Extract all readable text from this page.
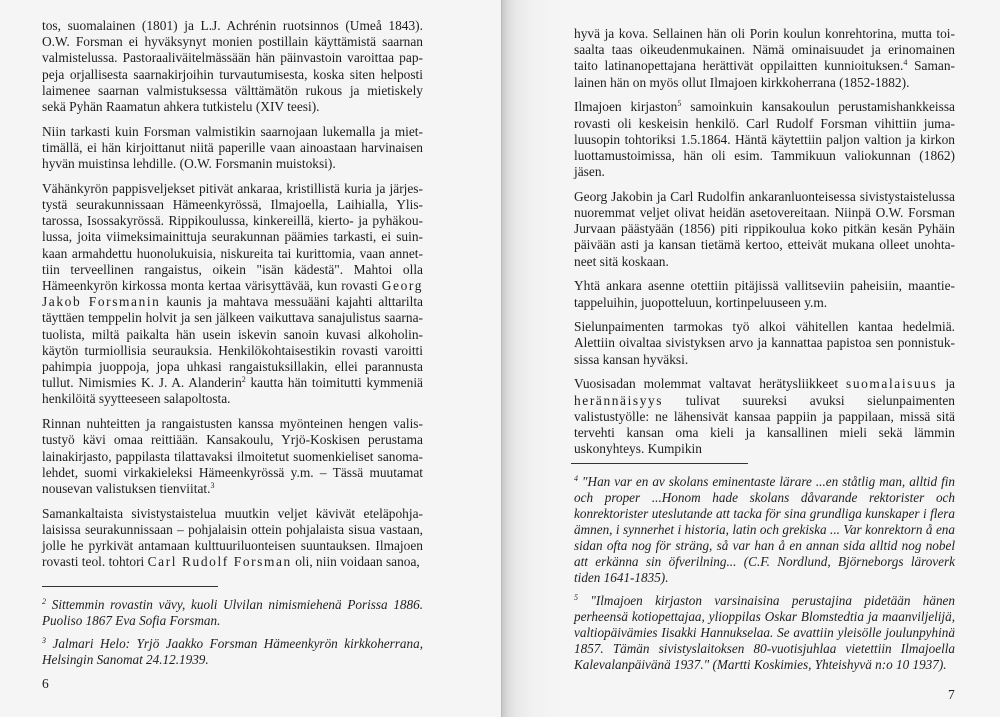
tos, suomalainen (1801) ja L.J. Achrénin ruotsinnos (Umeå 1843). O.W. Forsman ei hyväksynyt monien postillain käyttämistä saarnan valmistelussa. Pastoraaliväitelmässään hän päinvastoin varoittaa pappeja orjallisesta saarnakirjoihin turvautumisesta, koska siten helposti laimenee saarnan valmistuksessa välttämätön rukous ja mietiskely sekä Pyhän Raamatun ahkera tutkistelu (XIV teesi).

Niin tarkasti kuin Forsman valmistikin saarnojaan lukemalla ja miettimällä, ei hän kirjoittanut niitä paperille vaan ainoastaan harvinaisen hyvän muistinsa lehdille. (O.W. Forsmanin muistoksi).

Vähänkyrön pappisveljekset pitivät ankaraa, kristillistä kuria ja järjestystä seurakunnissaan Hämeenkyrössä, Ilmajoella, Laihialla, Ylistarossa, Isossakyrössä. Rippikoulussa, kinkereillä, kierto- ja pyhäkoulussa, joita viimeksimainittuja seurakunnan päämies tarkasti, ei suinkaan armahdettu huonolukuisia, niskureita tai kurittomia, vaan annettiin terveellinen rangaistus, oikein "isän kädestä". Mahtoi olla Hämeenkyrön kirkossa monta kertaa värisyttävää, kun rovasti Georg Jakob Forsmanin kaunis ja mahtava messuääni kajahti alttarilta täyttäen temppelin holvit ja sen jälkeen vaikuttava sanajulistus saarnatuolista, miltä paikalta hän usein iskevin sanoin kuvasi alkoholinkäytön turmiollisia seurauksia. Henkilökohtaisestikin rovasti varoitti pahimpia juoppoja, jopa uhkasi rangaistuksillakin, ellei parannusta tullut. Nimismies K. J. A. Alanderin$^2$ kautta hän toimitutti kymmeniä henkilöitä syytteeseen salapoltosta.

Rinnan nuhteitten ja rangaistusten kanssa myönteinen hengen valistustyö kävi omaa reittiään. Kansakoulu, Yrjö-Koskisen perustama lainakirjasto, pappilasta tilattavaksi ilmoitetut suomenkieliset sanomalehdet, suomi virkakieleksi Hämeenkyrössä y.m. – Tässä muutamat nousevan valistuksen tienviitat.$^3$

Samankaltaista sivistystaistelua muutkin veljet kävivät eteläpohjalaisissa seurakunnissaan – pohjalaisin ottein pohjalaista sisua vastaan, jolle he pyrkivät antamaan kulttuuriluonteisen suuntauksen. Ilmajoen rovasti teol. tohtori Carl Rudolf Forsman oli, niin voidaan sanoa,

$^2$ Sittemmin rovastin vävy, kuoli Ulvilan nimismiehenä Porissa 1886. Puoliso 1867 Eva Sofia Forsman.

$^3$ Jalmari Helo: Yrjö Jaakko Forsman Hämeenkyrön kirkkoherrana, Helsingin Sanomat 24.12.1939.

6

hyvä ja kova. Sellainen hän oli Porin koulun konrehtorina, mutta toisaalta taas oikeudenmukainen. Nämä ominaisuudet ja erinomainen taito latinanopettajana herättivät oppilaitten kunnioituksen.$^4$ Samanlainen hän on myös ollut Ilmajoen kirkkoherrana (1852-1882).

Ilmajoen kirjaston$^5$ samoinkuin kansakoulun perustamishankkeissa rovasti oli keskeisin henkilö. Carl Rudolf Forsman vihittiin jumaluusopin tohtoriksi 1.5.1864. Häntä käytettiin paljon valtion ja kirkon luottamustoimissa, hän oli esim. Tammikuun valiokunnan (1862) jäsen.

Georg Jakobin ja Carl Rudolfin ankaranluonteisessa sivistystaistelussa nuoremmat veljet olivat heidän asetovereitaan. Niinpä O.W. Forsman Jurvaan päästyään (1856) piti rippikoulua koko pitkän kesän Pyhäin päivään asti ja kansan tietämä kertoo, etteivät mukana olleet unohtaneet sitä koskaan.

Yhtä ankara asenne otettiin pitäjissä vallitseviin paheisiin, maantietappeluihin, juopotteluun, kortinpeluuseen y.m.

Sielunpaimenten tarmokas työ alkoi vähitellen kantaa hedelmiä. Alettiin oivaltaa sivistyksen arvo ja kannattaa papistoa sen ponnistuksissa kansan hyväksi.

Vuosisadan molemmat valtavat herätysliikkeet suomalaisuus ja herännäisyys tulivat suureksi avuksi sielunpaimenten valistustyölle: ne lähensivät kansaa pappiin ja pappilaan, missä sitä tervehti kansan oma kieli ja kansallinen mieli sekä lämmin uskonyhteys. Kumpikin

$^4$ "Han var en av skolans eminentaste lärare ...en ståtlig man, alltid fin och proper ...Honom hade skolans dåvarande rektorister och konrektorister uteslutande att tacka för sina grundliga kunskaper i flera ämnen, i synnerhet i historia, latin och grekiska ... Var konrektorn å ena sidan ofta nog för sträng, så var han å en annan sida alltid nog nobel att erkänna sin öfverilning... (C.F. Nordlund, Björneborgs läroverk tiden 1641-1835).

$^5$ "Ilmajoen kirjaston varsinaisina perustajina pidetään hänen perheensä kotiopettajaa, ylioppilas Oskar Blomstedtia ja maanviljelijä, valtiopäivämies Iisakki Hannukselaa. Se avattiin yleisölle joulunpyhinä 1857. Tämän sivistyslaitoksen 80-vuotisjuhlaa vietettiin Ilmajoella Kalevalanpäivänä 1937." (Martti Koskimies, Yhteishyvä n:o 10 1937).

7
